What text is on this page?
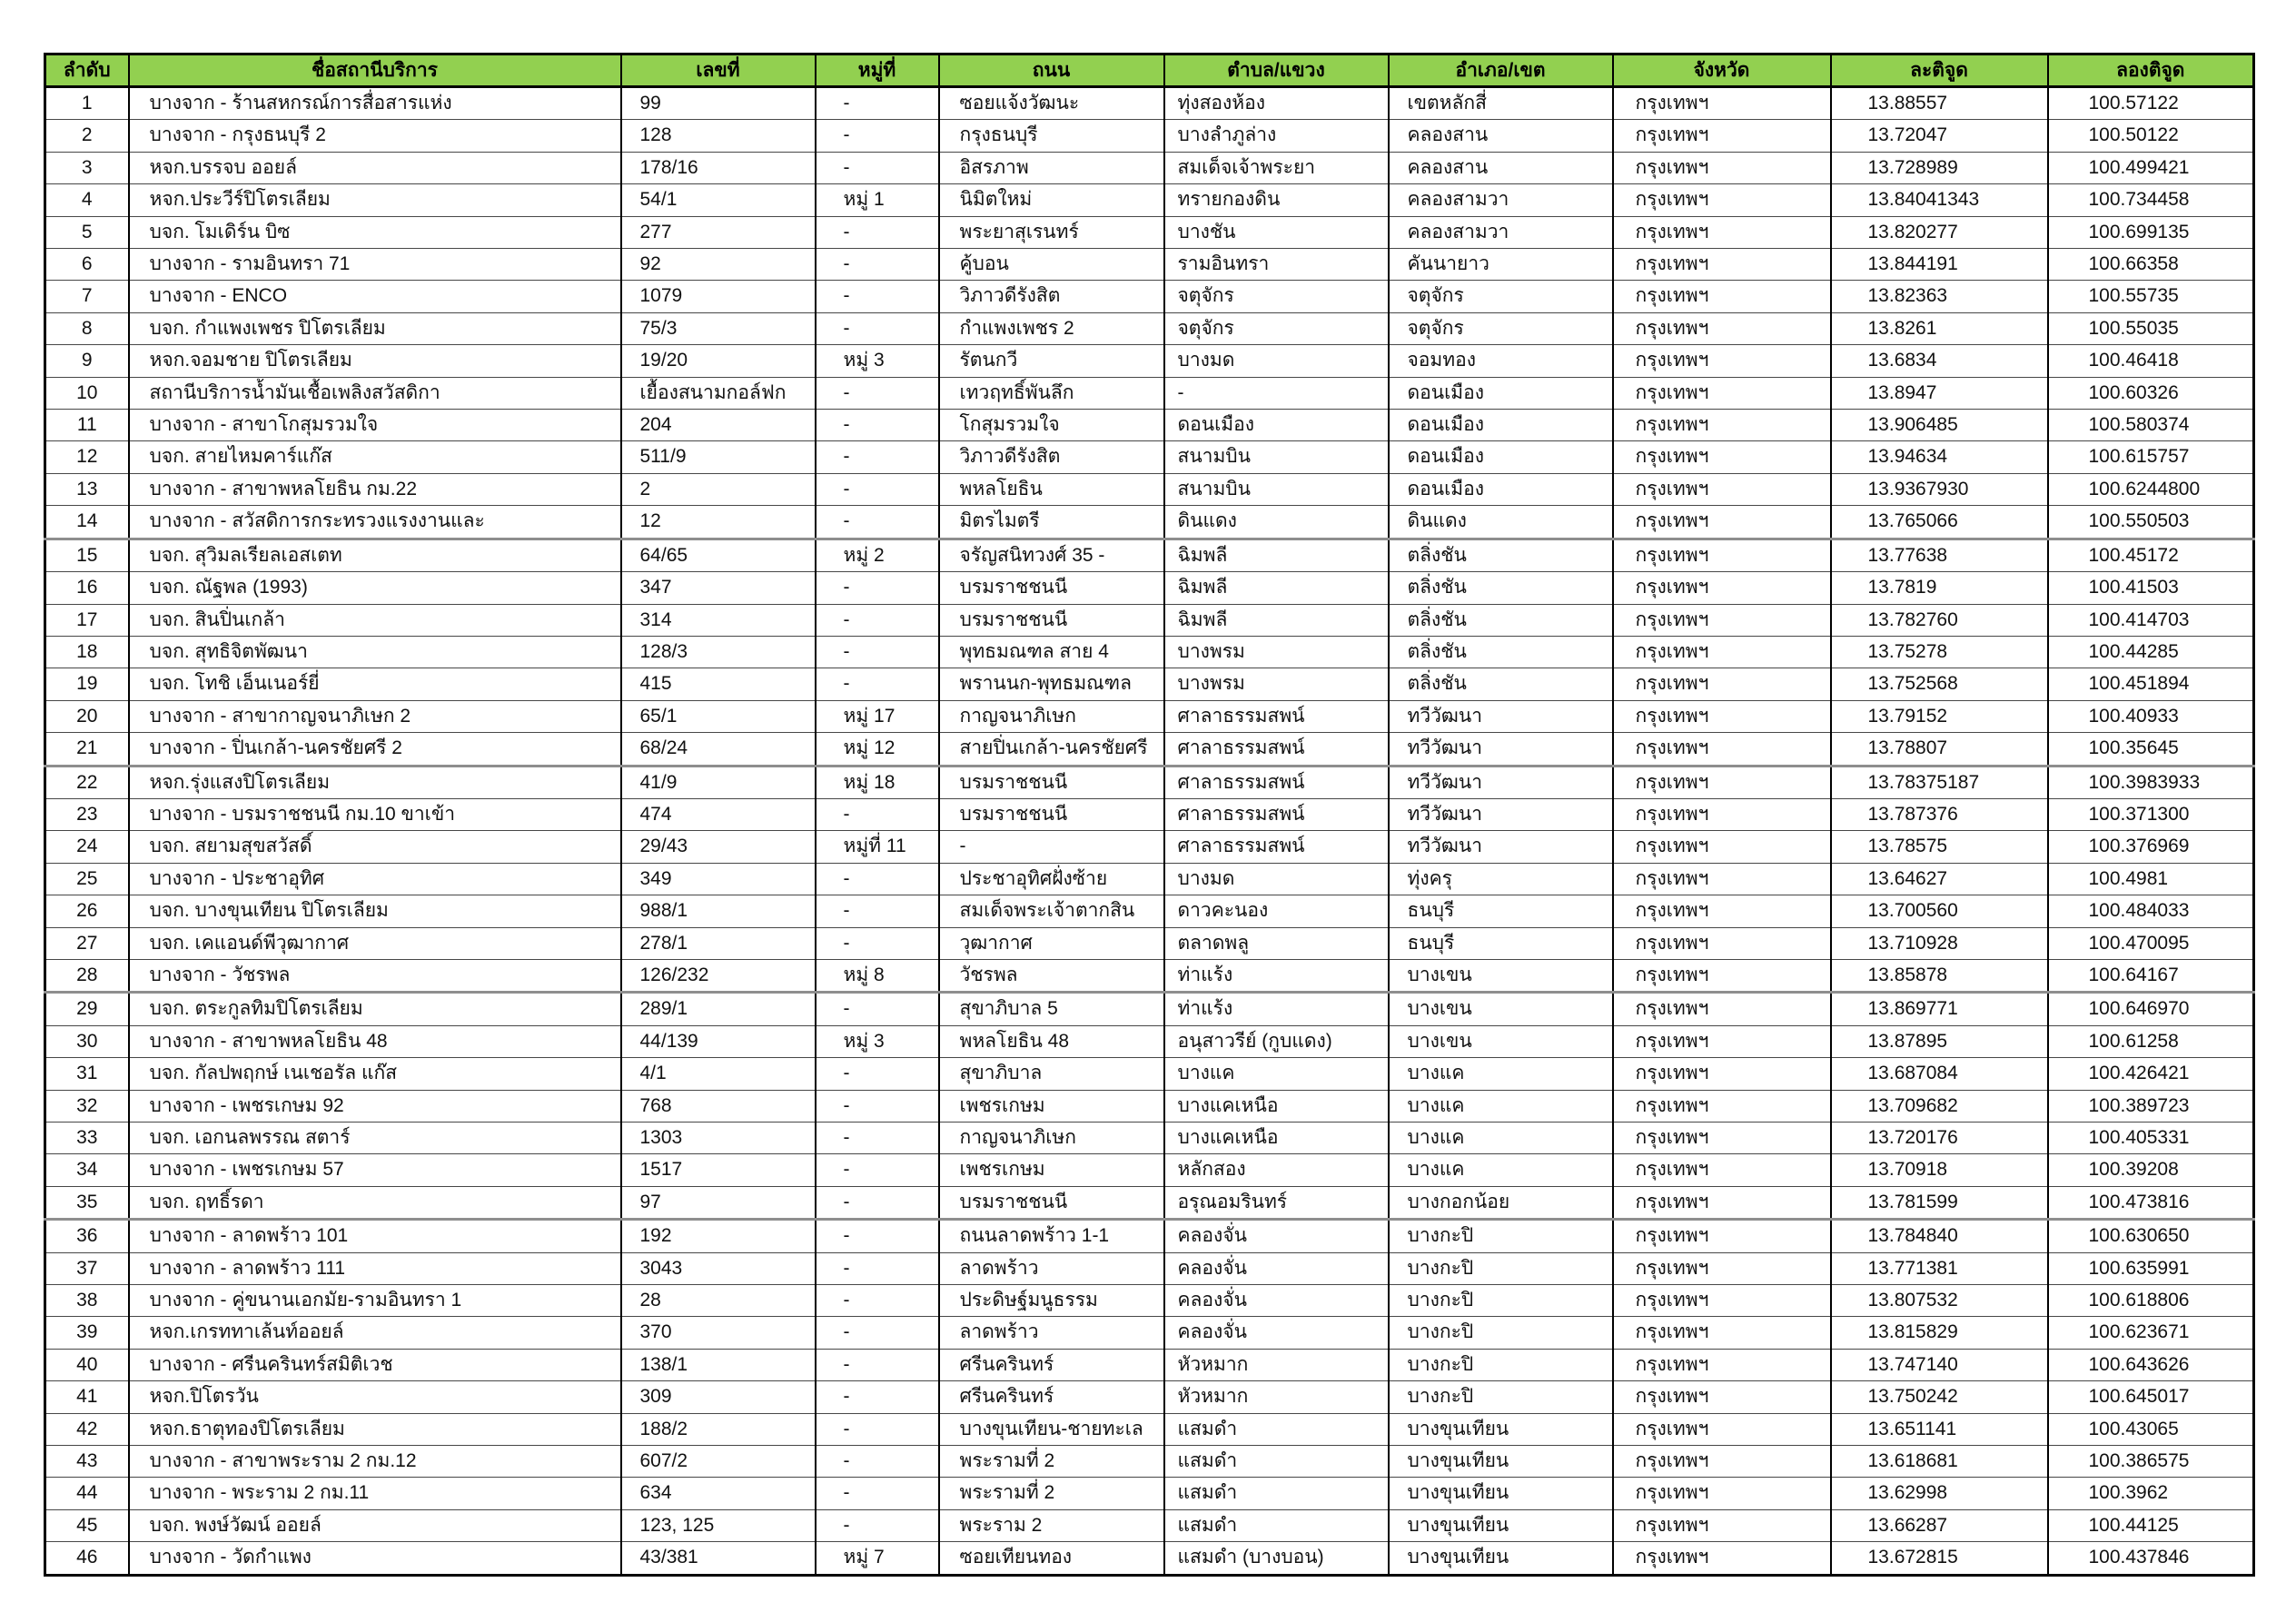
ลำดับ	ชื่อสถานีบริการ	เลขที่	หมู่ที่	ถนน	ตำบล/แขวง	อำเภอ/เขต	จังหวัด	ละติจูด	ลองติจูด
1	บางจาก - ร้านสหกรณ์การสื่อสารแห่ง	99	-	ซอยแจ้งวัฒนะ	ทุ่งสองห้อง	เขตหลักสี่	กรุงเทพฯ	13.88557	100.57122
2	บางจาก - กรุงธนบุรี 2	128	-	กรุงธนบุรี	บางลำภูล่าง	คลองสาน	กรุงเทพฯ	13.72047	100.50122
3	หจก.บรรจบ ออยล์	178/16	-	อิสรภาพ	สมเด็จเจ้าพระยา	คลองสาน	กรุงเทพฯ	13.728989	100.499421
4	หจก.ประวีร์ปิโตรเลียม	54/1	หมู่ 1	นิมิตใหม่	ทรายกองดิน	คลองสามวา	กรุงเทพฯ	13.84041343	100.734458
5	บจก. โมเดิร์น บิซ	277	-	พระยาสุเรนทร์	บางชัน	คลองสามวา	กรุงเทพฯ	13.820277	100.699135
6	บางจาก - รามอินทรา 71	92	-	คู้บอน	รามอินทรา	คันนายาว	กรุงเทพฯ	13.844191	100.66358
7	บางจาก - ENCO	1079	-	วิภาวดีรังสิต	จตุจักร	จตุจักร	กรุงเทพฯ	13.82363	100.55735
8	บจก. กำแพงเพชร ปิโตรเลียม	75/3	-	กำแพงเพชร 2	จตุจักร	จตุจักร	กรุงเทพฯ	13.8261	100.55035
9	หจก.จอมชาย ปิโตรเลียม	19/20	หมู่ 3	รัตนกวี	บางมด	จอมทอง	กรุงเทพฯ	13.6834	100.46418
10	สถานีบริการน้ำมันเชื้อเพลิงสวัสดิกา	เยื้องสนามกอล์ฟก	-	เทวฤทธิ์พันลึก	-	ดอนเมือง	กรุงเทพฯ	13.8947	100.60326
11	บางจาก - สาขาโกสุมรวมใจ	204	-	โกสุมรวมใจ	ดอนเมือง	ดอนเมือง	กรุงเทพฯ	13.906485	100.580374
12	บจก. สายไหมคาร์แก๊ส	511/9	-	วิภาวดีรังสิต	สนามบิน	ดอนเมือง	กรุงเทพฯ	13.94634	100.615757
13	บางจาก - สาขาพหลโยธิน กม.22	2	-	พหลโยธิน	สนามบิน	ดอนเมือง	กรุงเทพฯ	13.9367930	100.6244800
14	บางจาก - สวัสดิการกระทรวงแรงงานและ	12	-	มิตรไมตรี	ดินแดง	ดินแดง	กรุงเทพฯ	13.765066	100.550503
15	บจก. สุวิมลเรียลเอสเตท	64/65	หมู่ 2	จรัญสนิทวงศ์ 35 -	ฉิมพลี	ตลิ่งชัน	กรุงเทพฯ	13.77638	100.45172
16	บจก. ณัฐพล (1993)	347	-	บรมราชชนนี	ฉิมพลี	ตลิ่งชัน	กรุงเทพฯ	13.7819	100.41503
17	บจก. สินปิ่นเกล้า	314	-	บรมราชชนนี	ฉิมพลี	ตลิ่งชัน	กรุงเทพฯ	13.782760	100.414703
18	บจก. สุทธิจิตพัฒนา	128/3	-	พุทธมณฑล สาย 4	บางพรม	ตลิ่งชัน	กรุงเทพฯ	13.75278	100.44285
19	บจก. โทชิ เอ็นเนอร์ยี่	415	-	พรานนก-พุทธมณฑล	บางพรม	ตลิ่งชัน	กรุงเทพฯ	13.752568	100.451894
20	บางจาก - สาขากาญจนาภิเษก 2	65/1	หมู่ 17	กาญจนาภิเษก	ศาลาธรรมสพน์	ทวีวัฒนา	กรุงเทพฯ	13.79152	100.40933
21	บางจาก - ปิ่นเกล้า-นครชัยศรี 2	68/24	หมู่ 12	สายปิ่นเกล้า-นครชัยศรี	ศาลาธรรมสพน์	ทวีวัฒนา	กรุงเทพฯ	13.78807	100.35645
22	หจก.รุ่งแสงปิโตรเลียม	41/9	หมู่ 18	บรมราชชนนี	ศาลาธรรมสพน์	ทวีวัฒนา	กรุงเทพฯ	13.78375187	100.3983933
23	บางจาก - บรมราชชนนี กม.10 ขาเข้า	474	-	บรมราชชนนี	ศาลาธรรมสพน์	ทวีวัฒนา	กรุงเทพฯ	13.787376	100.371300
24	บจก. สยามสุขสวัสดิ์	29/43	หมู่ที่ 11	-	ศาลาธรรมสพน์	ทวีวัฒนา	กรุงเทพฯ	13.78575	100.376969
25	บางจาก - ประชาอุทิศ	349	-	ประชาอุทิศฝั่งซ้าย	บางมด	ทุ่งครุ	กรุงเทพฯ	13.64627	100.4981
26	บจก. บางขุนเทียน ปิโตรเลียม	988/1	-	สมเด็จพระเจ้าตากสิน	ดาวคะนอง	ธนบุรี	กรุงเทพฯ	13.700560	100.484033
27	บจก. เคแอนด์พีวุฒากาศ	278/1	-	วุฒากาศ	ตลาดพลู	ธนบุรี	กรุงเทพฯ	13.710928	100.470095
28	บางจาก - วัชรพล	126/232	หมู่ 8	วัชรพล	ท่าแร้ง	บางเขน	กรุงเทพฯ	13.85878	100.64167
29	บจก. ตระกูลทิมปิโตรเลียม	289/1	-	สุขาภิบาล 5	ท่าแร้ง	บางเขน	กรุงเทพฯ	13.869771	100.646970
30	บางจาก - สาขาพหลโยธิน 48	44/139	หมู่ 3	พหลโยธิน 48	อนุสาวรีย์ (กูบแดง)	บางเขน	กรุงเทพฯ	13.87895	100.61258
31	บจก. กัลปพฤกษ์ เนเชอรัล แก๊ส	4/1	-	สุขาภิบาล	บางแค	บางแค	กรุงเทพฯ	13.687084	100.426421
32	บางจาก - เพชรเกษม 92	768	-	เพชรเกษม	บางแคเหนือ	บางแค	กรุงเทพฯ	13.709682	100.389723
33	บจก. เอกนลพรรณ สตาร์	1303	-	กาญจนาภิเษก	บางแคเหนือ	บางแค	กรุงเทพฯ	13.720176	100.405331
34	บางจาก - เพชรเกษม 57	1517	-	เพชรเกษม	หลักสอง	บางแค	กรุงเทพฯ	13.70918	100.39208
35	บจก. ฤทธิ์รดา	97	-	บรมราชชนนี	อรุณอมรินทร์	บางกอกน้อย	กรุงเทพฯ	13.781599	100.473816
36	บางจาก - ลาดพร้าว 101	192	-	ถนนลาดพร้าว 1-1	คลองจั่น	บางกะปิ	กรุงเทพฯ	13.784840	100.630650
37	บางจาก - ลาดพร้าว 111	3043	-	ลาดพร้าว	คลองจั่น	บางกะปิ	กรุงเทพฯ	13.771381	100.635991
38	บางจาก - คู่ขนานเอกมัย-รามอินทรา 1	28	-	ประดิษฐ์มนูธรรม	คลองจั่น	บางกะปิ	กรุงเทพฯ	13.807532	100.618806
39	หจก.เกรททาเล้นท์ออยล์	370	-	ลาดพร้าว	คลองจั่น	บางกะปิ	กรุงเทพฯ	13.815829	100.623671
40	บางจาก - ศรีนครินทร์สมิติเวช	138/1	-	ศรีนครินทร์	หัวหมาก	บางกะปิ	กรุงเทพฯ	13.747140	100.643626
41	หจก.ปิโตรวัน	309	-	ศรีนครินทร์	หัวหมาก	บางกะปิ	กรุงเทพฯ	13.750242	100.645017
42	หจก.ธาตุทองปิโตรเลียม	188/2	-	บางขุนเทียน-ชายทะเล	แสมดำ	บางขุนเทียน	กรุงเทพฯ	13.651141	100.43065
43	บางจาก - สาขาพระราม 2 กม.12	607/2	-	พระรามที่ 2	แสมดำ	บางขุนเทียน	กรุงเทพฯ	13.618681	100.386575
44	บางจาก - พระราม 2 กม.11	634	-	พระรามที่ 2	แสมดำ	บางขุนเทียน	กรุงเทพฯ	13.62998	100.3962
45	บจก. พงษ์วัฒน์ ออยล์	123, 125	-	พระราม 2	แสมดำ	บางขุนเทียน	กรุงเทพฯ	13.66287	100.44125
46	บางจาก - วัดกำแพง	43/381	หมู่ 7	ซอยเทียนทอง	แสมดำ (บางบอน)	บางขุนเทียน	กรุงเทพฯ	13.672815	100.437846
